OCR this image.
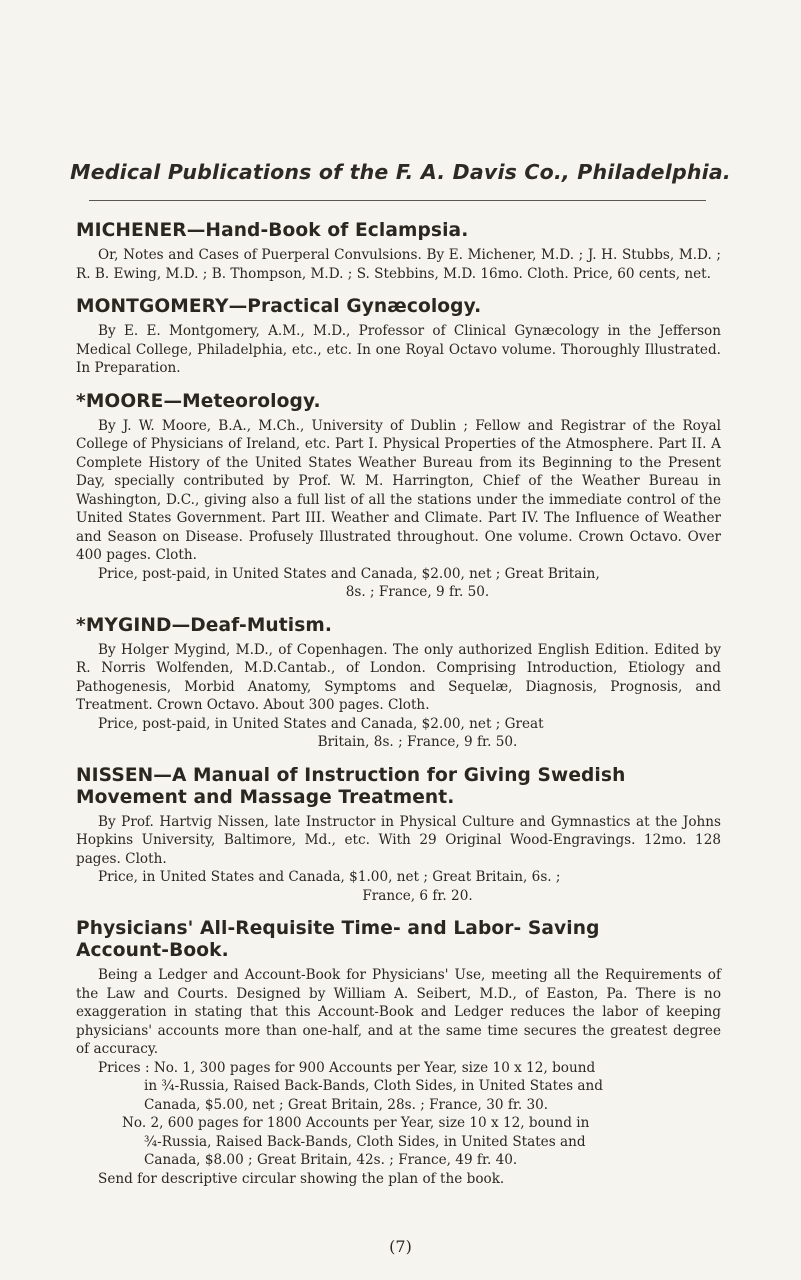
Medical Publications of the F. A. Davis Co., Philadelphia.
MICHENER—Hand-Book of Eclampsia.

Or, Notes and Cases of Puerperal Convulsions. By E. Michener, M.D. ; J. H. Stubbs, M.D. ; R. B. Ewing, M.D. ; B. Thompson, M.D. ; S. Stebbins, M.D. 16mo. Cloth. Price, 60 cents, net.

MONTGOMERY—Practical Gynæcology.

By E. E. Montgomery, A.M., M.D., Professor of Clinical Gynæcology in the Jefferson Medical College, Philadelphia, etc., etc. In one Royal Octavo volume. Thoroughly Illustrated. In Preparation.

*MOORE—Meteorology.

By J. W. Moore, B.A., M.Ch., University of Dublin ; Fellow and Registrar of the Royal College of Physicians of Ireland, etc. Part I. Physical Properties of the Atmosphere. Part II. A Complete History of the United States Weather Bureau from its Beginning to the Present Day, specially contributed by Prof. W. M. Harrington, Chief of the Weather Bureau in Washington, D.C., giving also a full list of all the stations under the immediate control of the United States Government. Part III. Weather and Climate. Part IV. The Influence of Weather and Season on Disease. Profusely Illustrated throughout. One volume. Crown Octavo. Over 400 pages. Cloth.

Price, post-paid, in United States and Canada, $2.00, net ; Great Britain,

8s. ; France, 9 fr. 50.

*MYGIND—Deaf-Mutism.

By Holger Mygind, M.D., of Copenhagen. The only authorized English Edition. Edited by R. Norris Wolfenden, M.D.Cantab., of London. Comprising Introduction, Etiology and Pathogenesis, Morbid Anatomy, Symptoms and Sequelæ, Diagnosis, Prognosis, and Treatment. Crown Octavo. About 300 pages. Cloth.

Price, post-paid, in United States and Canada, $2.00, net ; Great

Britain, 8s. ; France, 9 fr. 50.

NISSEN—A Manual of Instruction for Giving Swedish
Movement and Massage Treatment.

By Prof. Hartvig Nissen, late Instructor in Physical Culture and Gymnastics at the Johns Hopkins University, Baltimore, Md., etc. With 29 Original Wood-Engravings. 12mo. 128 pages. Cloth.

Price, in United States and Canada, $1.00, net ; Great Britain, 6s. ;

France, 6 fr. 20.

Physicians' All-Requisite Time- and Labor- Saving
Account-Book.

Being a Ledger and Account-Book for Physicians' Use, meeting all the Requirements of the Law and Courts. Designed by William A. Seibert, M.D., of Easton, Pa. There is no exaggeration in stating that this Account-Book and Ledger reduces the labor of keeping physicians' accounts more than one-half, and at the same time secures the greatest degree of accuracy.

Prices : No. 1, 300 pages for 900 Accounts per Year, size 10 x 12, bound

in ¾-Russia, Raised Back-Bands, Cloth Sides, in United States and

Canada, $5.00, net ; Great Britain, 28s. ; France, 30 fr. 30.

No. 2, 600 pages for 1800 Accounts per Year, size 10 x 12, bound in

¾-Russia, Raised Back-Bands, Cloth Sides, in United States and

Canada, $8.00 ; Great Britain, 42s. ; France, 49 fr. 40.

Send for descriptive circular showing the plan of the book.

(7)
